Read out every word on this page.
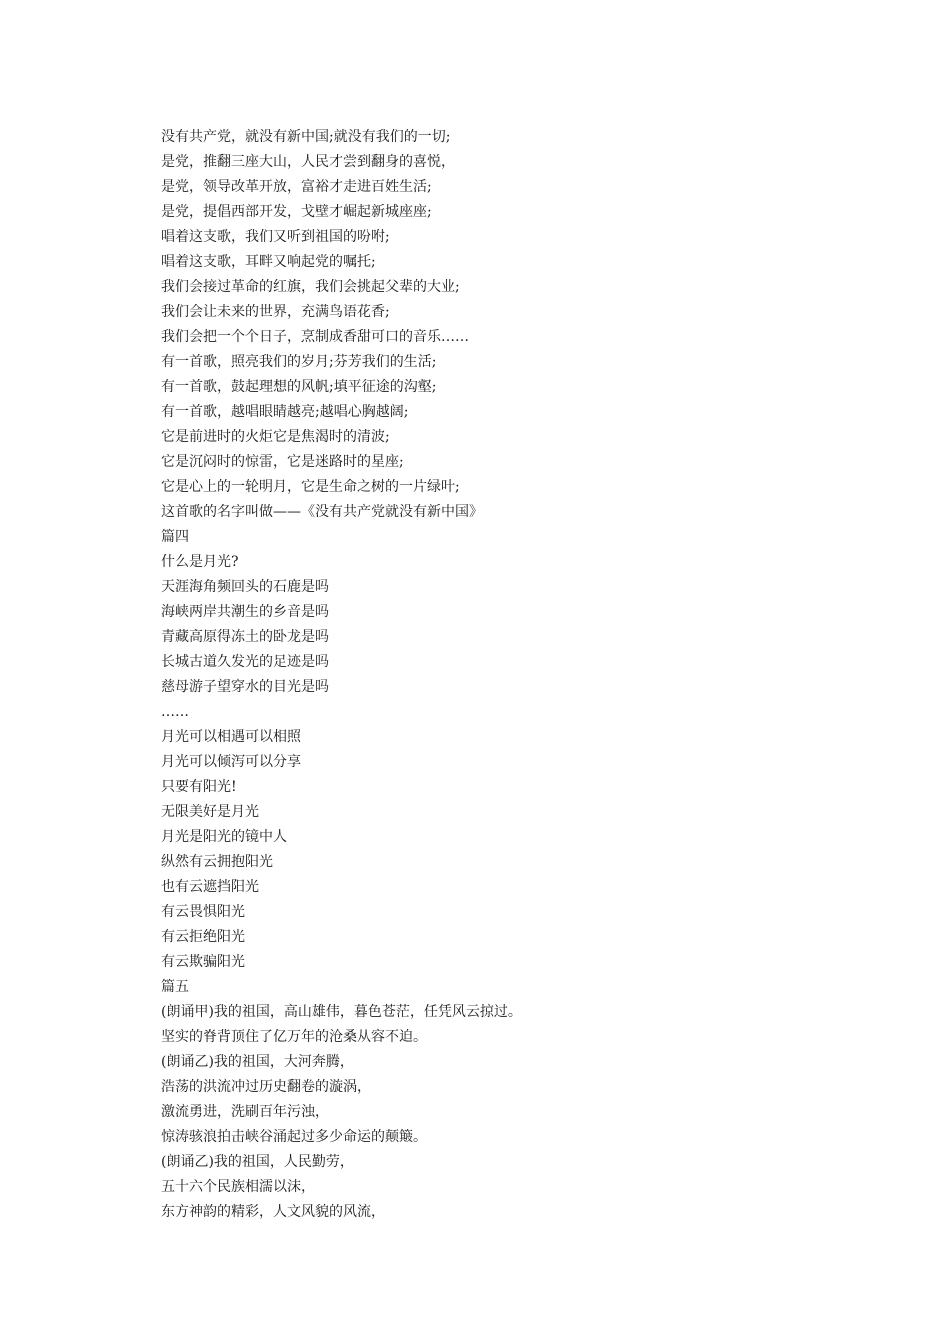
没有共产党，就没有新中国;就没有我们的一切;
是党，推翻三座大山，人民才尝到翻身的喜悦，
是党，领导改革开放，富裕才走进百姓生活;
是党，提倡西部开发，戈壁才崛起新城座座;
唱着这支歌，我们又听到祖国的吩咐;
唱着这支歌，耳畔又响起党的嘱托;
我们会接过革命的红旗，我们会挑起父辈的大业;
我们会让未来的世界，充满鸟语花香;
我们会把一个个日子，烹制成香甜可口的音乐……
有一首歌，照亮我们的岁月;芬芳我们的生活;
有一首歌，鼓起理想的风帆;填平征途的沟壑;
有一首歌，越唱眼睛越亮;越唱心胸越阔;
它是前进时的火炬它是焦渴时的清波;
它是沉闷时的惊雷，它是迷路时的星座;
它是心上的一轮明月，它是生命之树的一片绿叶;
这首歌的名字叫做——《没有共产党就没有新中国》
篇四
什么是月光?
天涯海角频回头的石鹿是吗
海峡两岸共潮生的乡音是吗
青藏高原得冻土的卧龙是吗
长城古道久发光的足迹是吗
慈母游子望穿水的目光是吗
……
月光可以相遇可以相照
月光可以倾泻可以分享
只要有阳光!
无限美好是月光
月光是阳光的镜中人
纵然有云拥抱阳光
也有云遮挡阳光
有云畏惧阳光
有云拒绝阳光
有云欺骗阳光
篇五
(朗诵甲)我的祖国，高山雄伟，暮色苍茫，任凭风云掠过。
坚实的脊背顶住了亿万年的沧桑从容不迫。
(朗诵乙)我的祖国，大河奔腾，
浩荡的洪流冲过历史翻卷的漩涡，
激流勇进，洗刷百年污浊，
惊涛骇浪拍击峡谷涌起过多少命运的颠簸。
(朗诵乙)我的祖国，人民勤劳，
五十六个民族相濡以沫，
东方神韵的精彩，人文风貌的风流，
